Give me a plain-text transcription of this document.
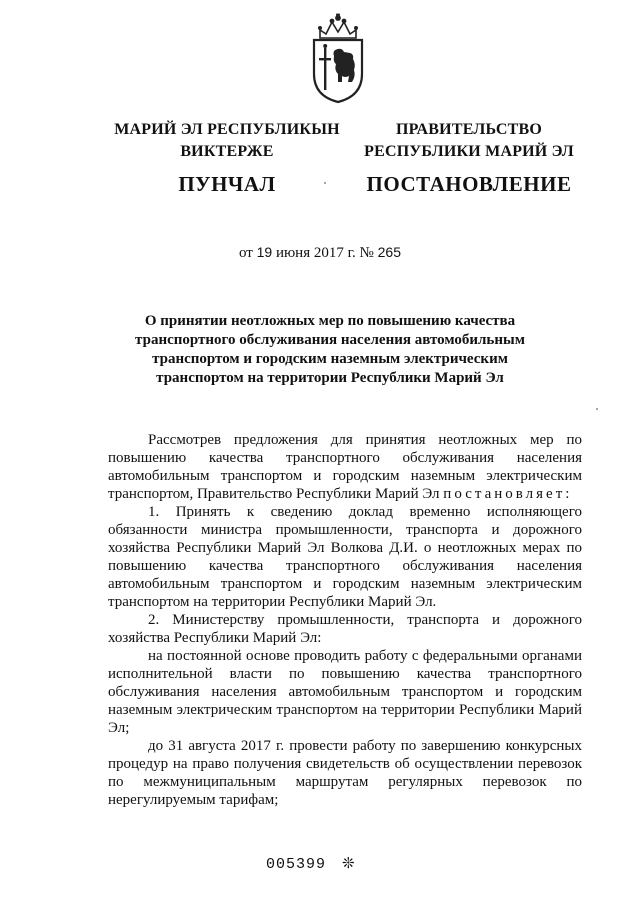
МАРИЙ ЭЛ РЕСПУБЛИКЫН
ВИКТЕРЖЕ
ПУНЧАЛ
ПРАВИТЕЛЬСТВО
РЕСПУБЛИКИ МАРИЙ ЭЛ
ПОСТАНОВЛЕНИЕ
от 19 июня 2017 г. № 265
О принятии неотложных мер по повышению качества транспортного обслуживания населения автомобильным транспортом и городским наземным электрическим транспортом на территории Республики Марий Эл

Рассмотрев предложения для принятия неотложных мер по повышению качества транспортного обслуживания населения автомобильным транспортом и городским наземным электрическим транспортом, Правительство Республики Марий Эл постановляет:

1. Принять к сведению доклад временно исполняющего обязанности министра промышленности, транспорта и дорожного хозяйства Республики Марий Эл Волкова Д.И. о неотложных мерах по повышению качества транспортного обслуживания населения автомобильным транспортом и городским наземным электрическим транспортом на территории Республики Марий Эл.

2. Министерству промышленности, транспорта и дорожного хозяйства Республики Марий Эл:

на постоянной основе проводить работу с федеральными органами исполнительной власти по повышению качества транспортного обслуживания населения автомобильным транспортом и городским наземным электрическим транспортом на территории Республики Марий Эл;

до 31 августа 2017 г. провести работу по завершению конкурсных процедур на право получения свидетельств об осуществлении перевозок по межмуниципальным маршрутам регулярных перевозок по нерегулируемым тарифам;

005399 ❊
